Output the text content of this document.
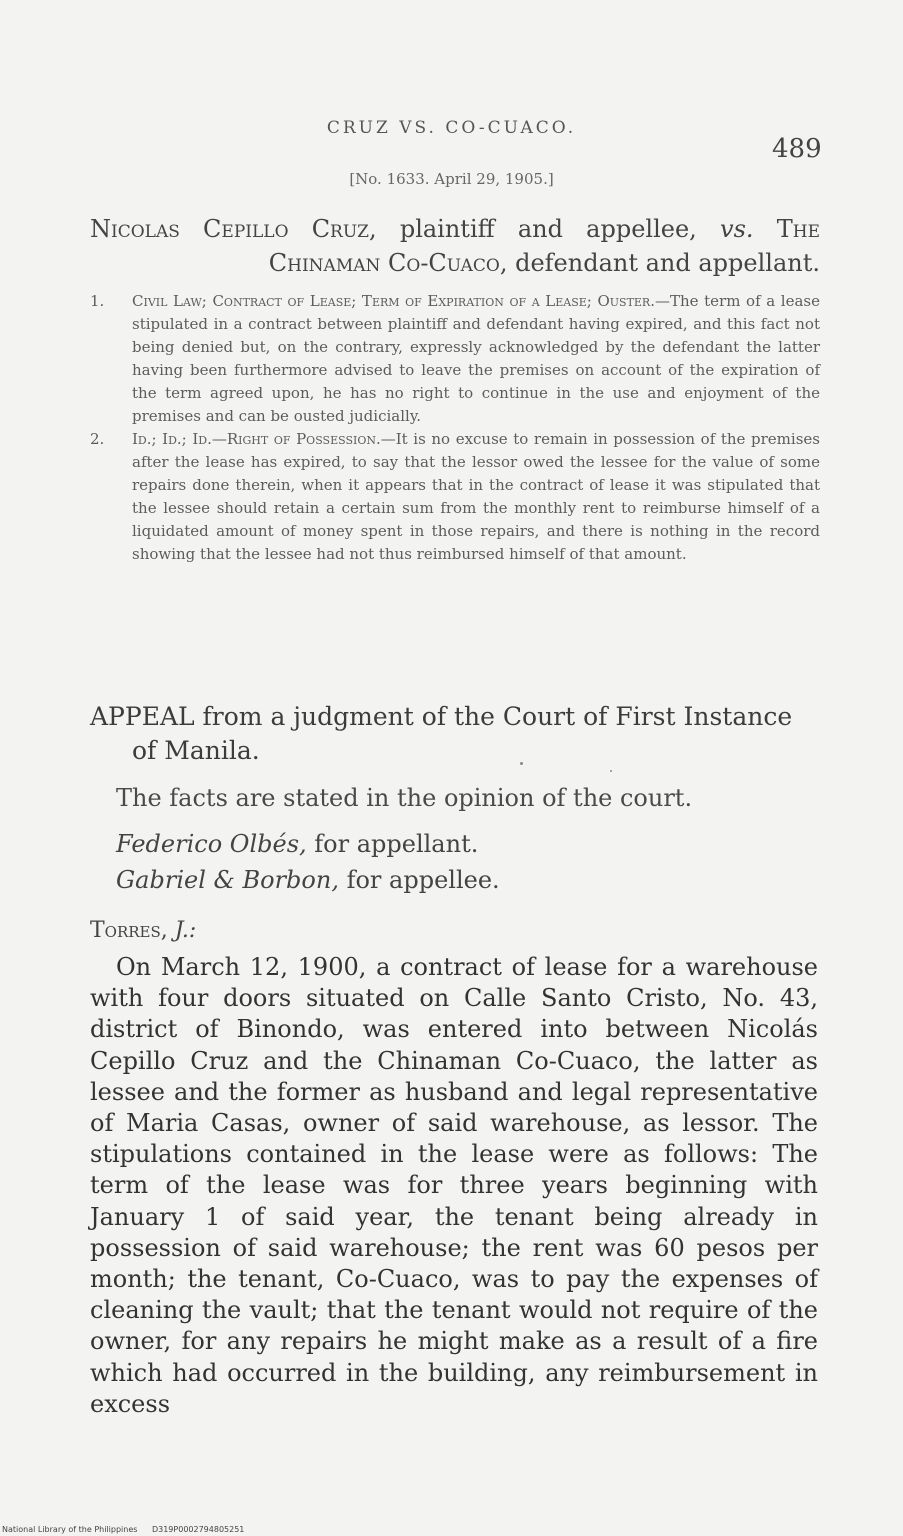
CRUZ VS. CO-CUACO.
489
[No. 1633. April 29, 1905.]
Nicolas Cepillo Cruz, plaintiff and appellee, vs. The
Chinaman Co-Cuaco, defendant and appellant.
1. Civil Law; Contract of Lease; Term of Expiration of a Lease; Ouster.—The term of a lease stipulated in a contract between plaintiff and defendant having expired, and this fact not being denied but, on the contrary, expressly acknowledged by the defendant the latter having been furthermore advised to leave the premises on account of the expiration of the term agreed upon, he has no right to continue in the use and enjoyment of the premises and can be ousted judicially.
2. Id.; Id.; Id.—Right of Possession.—It is no excuse to remain in possession of the premises after the lease has expired, to say that the lessor owed the lessee for the value of some repairs done therein, when it appears that in the contract of lease it was stipulated that the lessee should retain a certain sum from the monthly rent to reimburse himself of a liquidated amount of money spent in those repairs, and there is nothing in the record showing that the lessee had not thus reimbursed himself of that amount.
APPEAL from a judgment of the Court of First Instance
of Manila.
The facts are stated in the opinion of the court.
Federico Olbés, for appellant.
Gabriel & Borbon, for appellee.
Torres, J.:
On March 12, 1900, a contract of lease for a warehouse with four doors situated on Calle Santo Cristo, No. 43, district of Binondo, was entered into between Nicolás Cepillo Cruz and the Chinaman Co-Cuaco, the latter as lessee and the former as husband and legal representative of Maria Casas, owner of said warehouse, as lessor. The stipulations contained in the lease were as follows: The term of the lease was for three years beginning with January 1 of said year, the tenant being already in possession of said warehouse; the rent was 60 pesos per month; the tenant, Co-Cuaco, was to pay the expenses of cleaning the vault; that the tenant would not require of the owner, for any repairs he might make as a result of a fire which had occurred in the building, any reimbursement in excess
National Library of the Philippines D319P0002794805251
